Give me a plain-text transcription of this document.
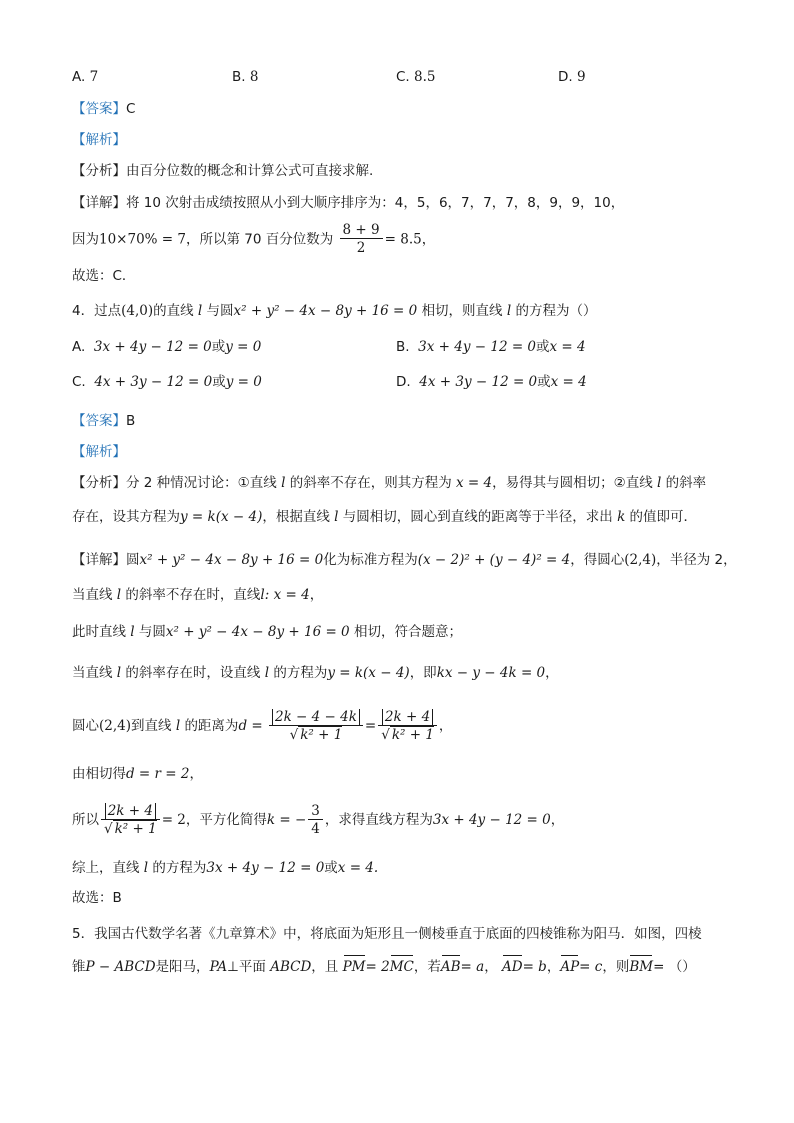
A. 7	B. 8	C. 8.5	D. 9
【答案】C
【解析】
【分析】由百分位数的概念和计算公式可直接求解.
【详解】将 10 次射击成绩按照从小到大顺序排序为：4，5，6，7，7，7，8，9，9，10，
因为10×70% = 7，所以第 70 百分位数为 $\frac{8 + 9}{2} = 8.5$，
故选：C．
4．过点(4,0)的直线 l 与圆x² + y² − 4x − 8y + 16 = 0 相切，则直线 l 的方程为（）
A. 3x + 4y − 12 = 0或y = 0	B. 3x + 4y − 12 = 0或x = 4
C. 4x + 3y − 12 = 0或y = 0	D. 4x + 3y − 12 = 0或x = 4
【答案】B
【解析】
【分析】分 2 种情况讨论：①直线 l 的斜率不存在，则其方程为 x = 4，易得其与圆相切；②直线 l 的斜率
存在，设其方程为y = k(x − 4)，根据直线 l 与圆相切，圆心到直线的距离等于半径，求出 k 的值即可．
【详解】圆x² + y² − 4x − 8y + 16 = 0化为标准方程为(x − 2)² + (y − 4)² = 4，得圆心(2,4)，半径为 2，
当直线 l 的斜率不存在时，直线l: x = 4，
此时直线 l 与圆x² + y² − 4x − 8y + 16 = 0 相切，符合题意；
当直线 l 的斜率存在时，设直线 l 的方程为y = k(x − 4)，即kx − y − 4k = 0，
圆心(2,4)到直线 l 的距离为$d = \frac{2k - 4 - 4k}{\text{√ k² + 1}} = \frac{2k + 4}{\text{√ k² + 1}}$ ，
由相切得d = r = 2，
所以 $\frac{2k + 4}{\text{√ k² + 1}} = 2$，平方化简得k = − $\frac{3}{4}$ ，求得直线方程为3x + 4y − 12 = 0，
综上，直线 l 的方程为3x + 4y − 12 = 0或x = 4.
故选：B
5．我国古代数学名著《九章算术》中，将底面为矩形且一侧棱垂直于底面的四棱锥称为阳马．如图，四棱
锥P − ABCD是阳马，PA⊥平面 ABCD，且 PM= 2MC，若AB= a， AD= b，AP= c，则BM= （）
